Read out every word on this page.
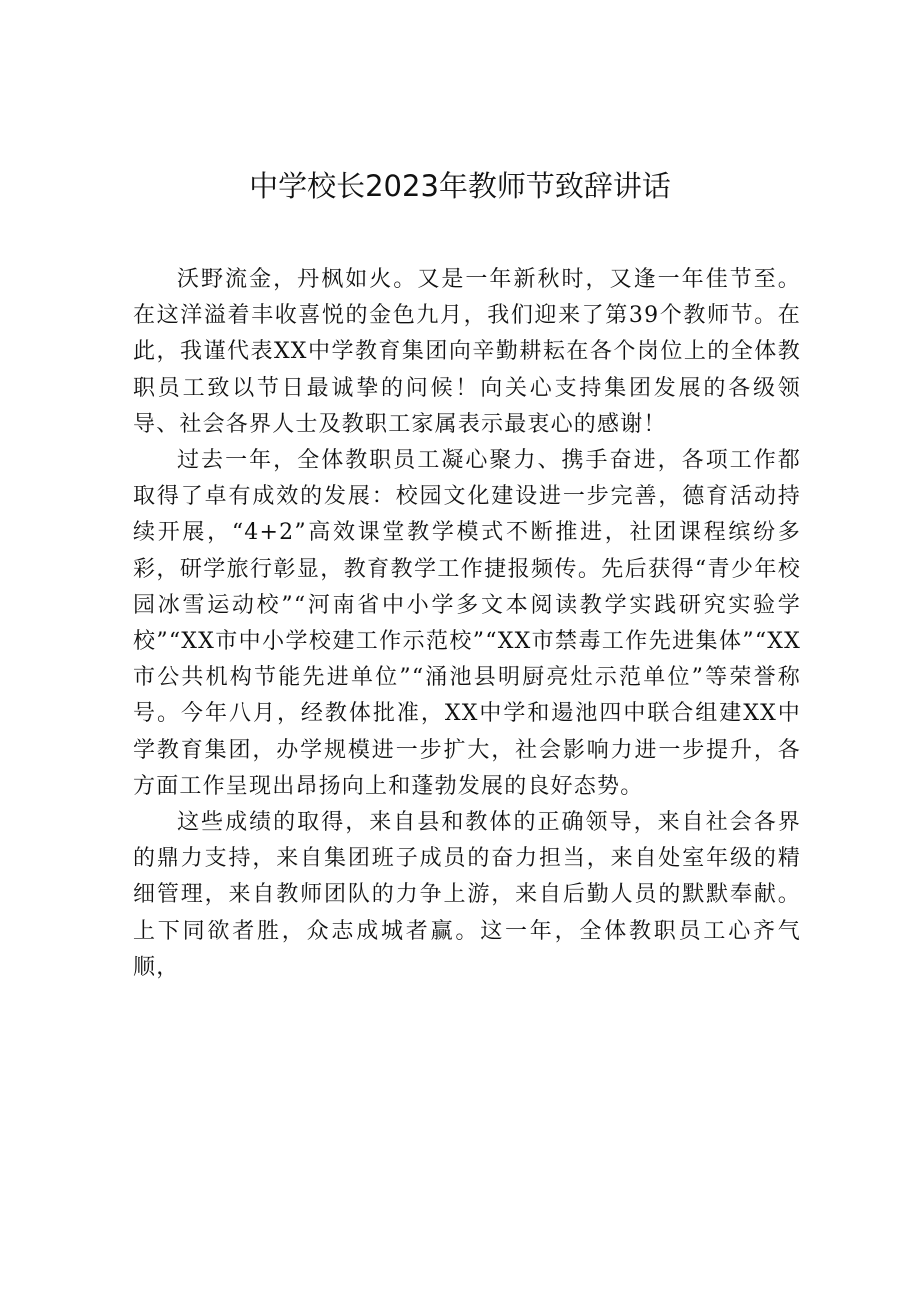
中学校长2023年教师节致辞讲话

沃野流金，丹枫如火。又是一年新秋时，又逢一年佳节至。在这洋溢着丰收喜悦的金色九月，我们迎来了第39个教师节。在此，我谨代表XX中学教育集团向辛勤耕耘在各个岗位上的全体教职员工致以节日最诚挚的问候！向关心支持集团发展的各级领导、社会各界人士及教职工家属表示最衷心的感谢！

过去一年，全体教职员工凝心聚力、携手奋进，各项工作都取得了卓有成效的发展：校园文化建设进一步完善，德育活动持续开展，“4+2”高效课堂教学模式不断推进，社团课程缤纷多彩，研学旅行彰显，教育教学工作捷报频传。先后获得“青少年校园冰雪运动校”“河南省中小学多文本阅读教学实践研究实验学校”“XX市中小学校建工作示范校”“XX市禁毒工作先进集体”“XX市公共机构节能先进单位”“涌池县明厨亮灶示范单位”等荣誉称号。今年八月，经教体批准，XX中学和逿池四中联合组建XX中学教育集团，办学规模进一步扩大，社会影响力进一步提升，各方面工作呈现出昂扬向上和蓬勃发展的良好态势。

这些成绩的取得，来自县和教体的正确领导，来自社会各界的鼎力支持，来自集团班子成员的奋力担当，来自处室年级的精细管理，来自教师团队的力争上游，来自后勤人员的默默奉献。上下同欲者胜，众志成城者赢。这一年，全体教职员工心齐气顺，
